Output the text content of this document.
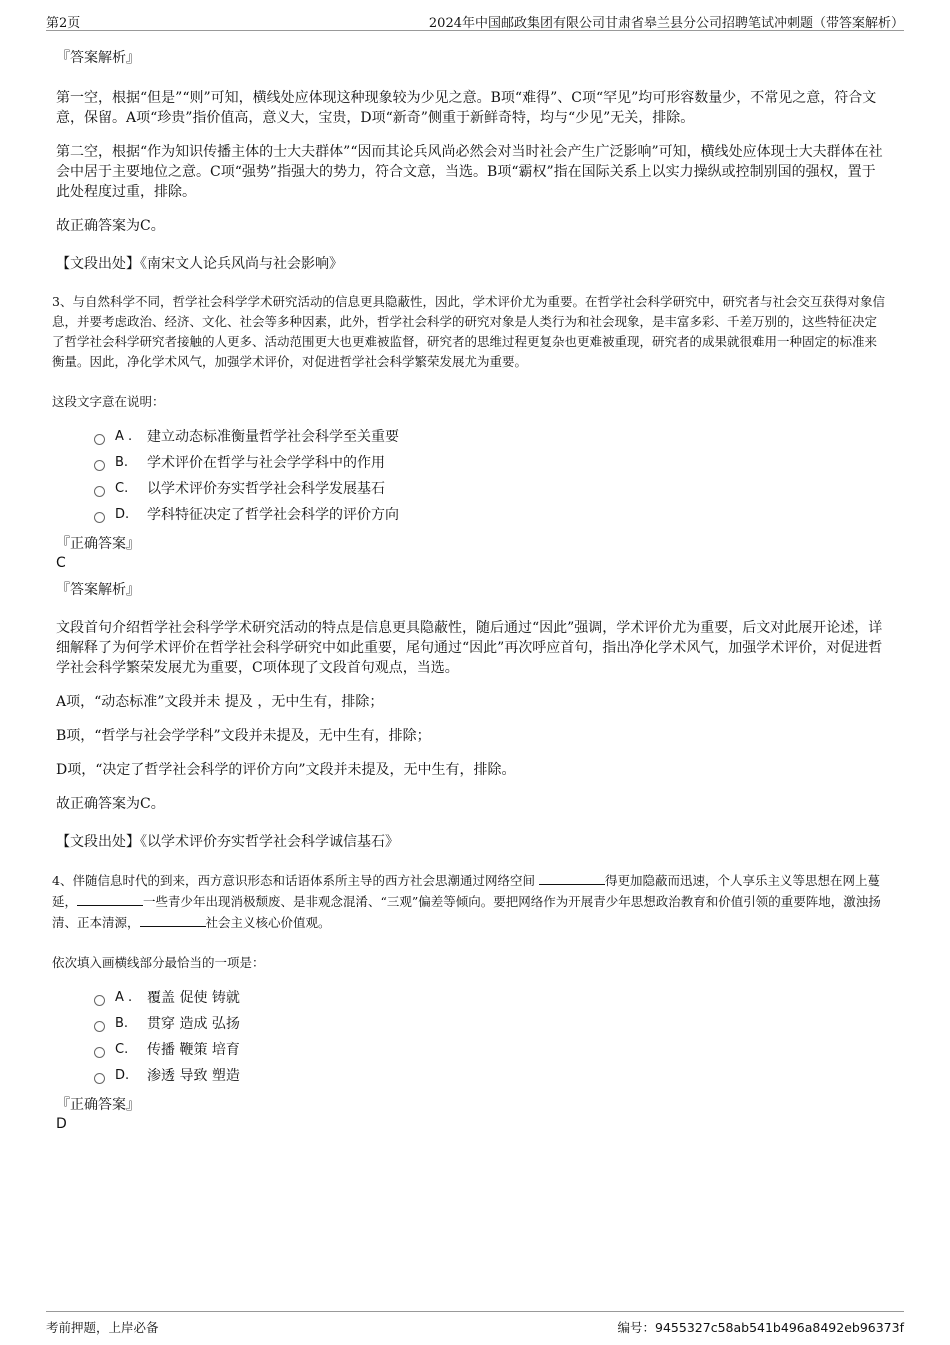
第2页	2024年中国邮政集团有限公司甘肃省皋兰县分公司招聘笔试冲刺题（带答案解析）
『答案解析』

第一空，根据“但是”“则”可知，横线处应体现这种现象较为少见之意。B项“难得”、C项“罕见”均可形容数量少，不常见之意，符合文意，保留。A项“珍贵”指价值高，意义大，宝贵，D项“新奇”侧重于新鲜奇特，均与“少见”无关，排除。

第二空，根据“作为知识传播主体的士大夫群体”“因而其论兵风尚必然会对当时社会产生广泛影响”可知，横线处应体现士大夫群体在社会中居于主要地位之意。C项“强势”指强大的势力，符合文意，当选。B项“霸权”指在国际关系上以实力操纵或控制别国的强权，置于此处程度过重，排除。

故正确答案为C。

【文段出处】《南宋文人论兵风尚与社会影响》

3、与自然科学不同，哲学社会科学学术研究活动的信息更具隐蔽性，因此，学术评价尤为重要。在哲学社会科学研究中，研究者与社会交互获得对象信息，并要考虑政治、经济、文化、社会等多种因素，此外，哲学社会科学的研究对象是人类行为和社会现象，是丰富多彩、千差万别的，这些特征决定了哲学社会科学研究者接触的人更多、活动范围更大也更难被监督，研究者的思维过程更复杂也更难被重现，研究者的成果就很难用一种固定的标准来衡量。因此，净化学术风气，加强学术评价，对促进哲学社会科学繁荣发展尤为重要。

这段文字意在说明：

A .	建立动态标准衡量哲学社会科学至关重要
B.	学术评价在哲学与社会学学科中的作用
C.	以学术评价夯实哲学社会科学发展基石
D.	学科特征决定了哲学社会科学的评价方向
『正确答案』
C
『答案解析』

文段首句介绍哲学社会科学学术研究活动的特点是信息更具隐蔽性，随后通过“因此”强调，学术评价尤为重要，后文对此展开论述，详细解释了为何学术评价在哲学社会科学研究中如此重要，尾句通过“因此”再次呼应首句，指出净化学术风气，加强学术评价，对促进哲学社会科学繁荣发展尤为重要，C项体现了文段首句观点，当选。

A项，“动态标准”文段并未 提及 ，无中生有，排除；

B项，“哲学与社会学学科”文段并未提及，无中生有，排除；

D项，“决定了哲学社会科学的评价方向”文段并未提及，无中生有，排除。

故正确答案为C。

【文段出处】《以学术评价夯实哲学社会科学诚信基石》

4、伴随信息时代的到来，西方意识形态和话语体系所主导的西方社会思潮通过网络空间	得更加隐蔽而迅速，个人享乐主义等思想在网上蔓延，	一些青少年出现消极颓废、是非观念混淆、“三观”偏差等倾向。要把网络作为开展青少年思想政治教育和价值引领的重要阵地，激浊扬清、正本清源，	社会主义核心价值观。

依次填入画横线部分最恰当的一项是：

A .	覆盖 促使 铸就
B.	贯穿 造成 弘扬
C.	传播 鞭策 培育
D.	渗透 导致 塑造
『正确答案』
D
考前押题，上岸必备	编号：9455327c58ab541b496a8492eb96373f
